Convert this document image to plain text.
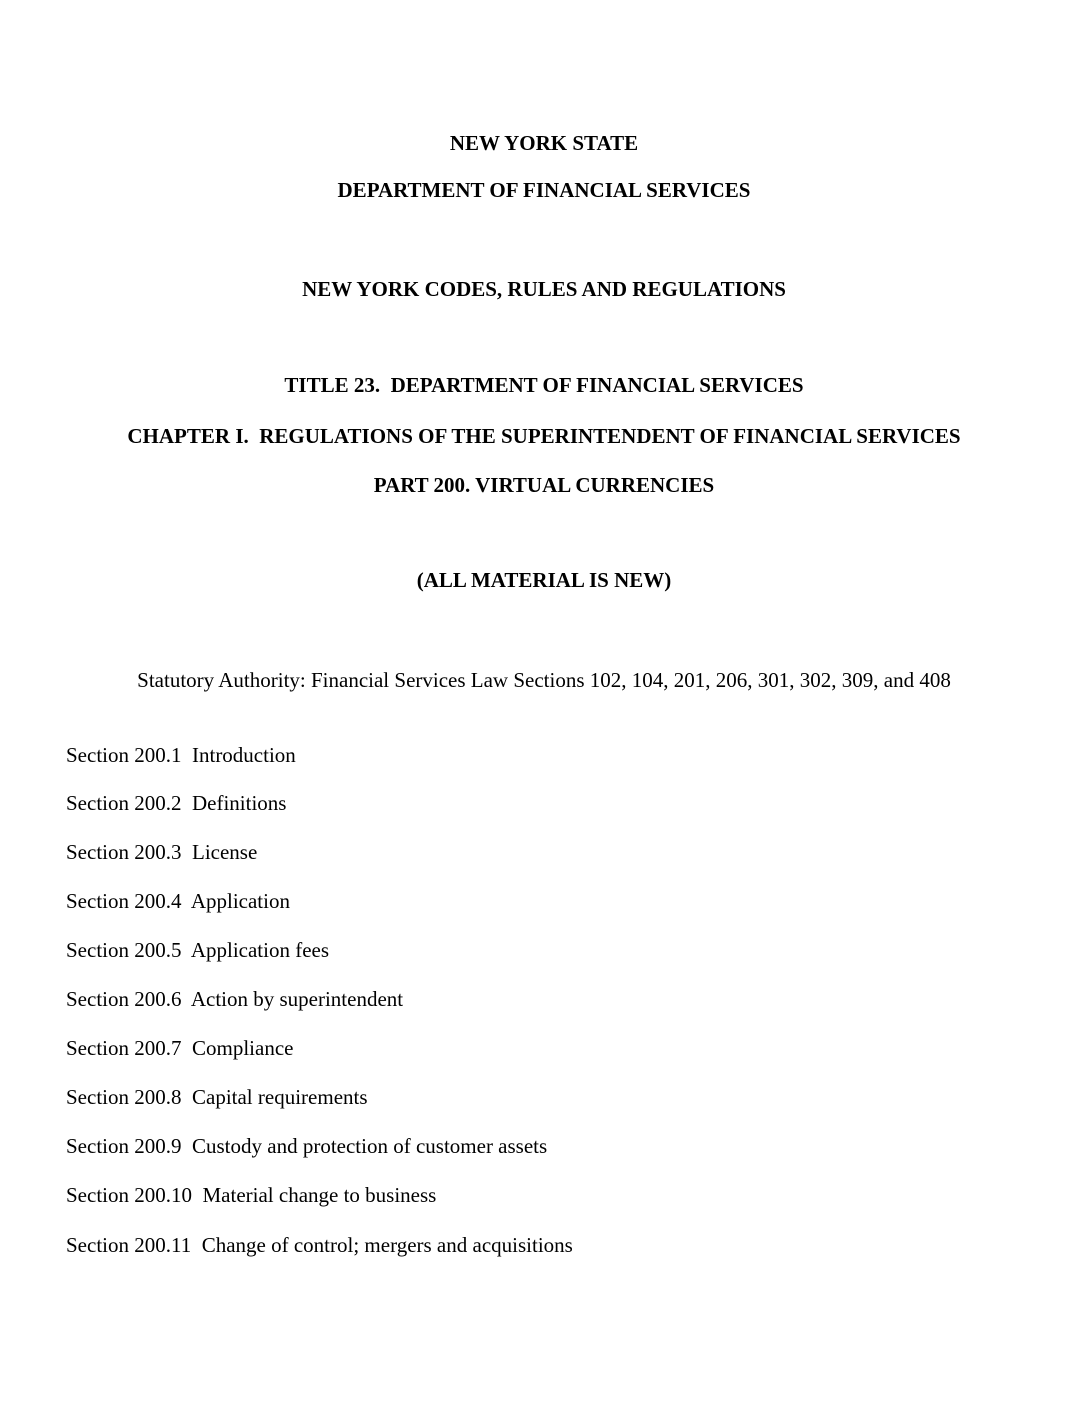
NEW YORK STATE
DEPARTMENT OF FINANCIAL SERVICES
NEW YORK CODES, RULES AND REGULATIONS
TITLE 23.  DEPARTMENT OF FINANCIAL SERVICES
CHAPTER I.  REGULATIONS OF THE SUPERINTENDENT OF FINANCIAL SERVICES
PART 200. VIRTUAL CURRENCIES
(ALL MATERIAL IS NEW)
Statutory Authority: Financial Services Law Sections 102, 104, 201, 206, 301, 302, 309, and 408
Section 200.1  Introduction
Section 200.2  Definitions
Section 200.3  License
Section 200.4  Application
Section 200.5  Application fees
Section 200.6  Action by superintendent
Section 200.7  Compliance
Section 200.8  Capital requirements
Section 200.9  Custody and protection of customer assets
Section 200.10  Material change to business
Section 200.11  Change of control; mergers and acquisitions
